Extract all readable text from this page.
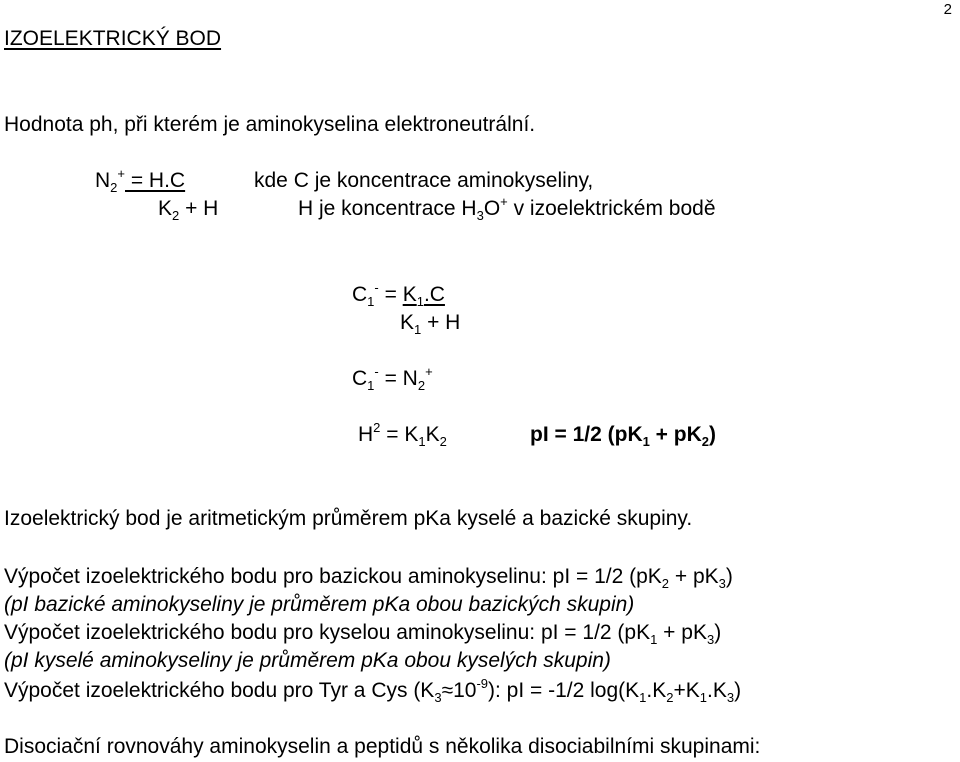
2
IZOELEKTRICKÝ BOD
Hodnota ph, při kterém je aminokyselina elektroneutrální.
$N_2^+ = H.C$
$K_2 + H$
kde C je koncentrace aminokyseliny,
H je koncentrace $H_3O^+$ v izoelektrickém bodě
$C_1^- = K_1.C$
$K_1 + H$
$C_1^- = N_2^+$
$H^2 = K_1K_2$	pI = 1/2 $(pK_1 + pK_2)$
Izoelektrický bod je aritmetickým průměrem pKa kyselé a bazické skupiny.
Výpočet izoelektrického bodu pro bazickou aminokyselinu: pI = 1/2 $(pK_2 + pK_3)$
(pI bazické aminokyseliny je průměrem pKa obou bazických skupin)
Výpočet izoelektrického bodu pro kyselou aminokyselinu: pI = 1/2 $(pK_1 + pK_3)$
(pI kyselé aminokyseliny je průměrem pKa obou kyselých skupin)
Výpočet izoelektrického bodu pro Tyr a Cys $(K_3\approx 10^{-9})$: pI = -1/2 $\log(K_1.K_2+K_1.K_3)$
Disociační rovnováhy aminokyselin a peptidů s několika disociabilními skupinami:
